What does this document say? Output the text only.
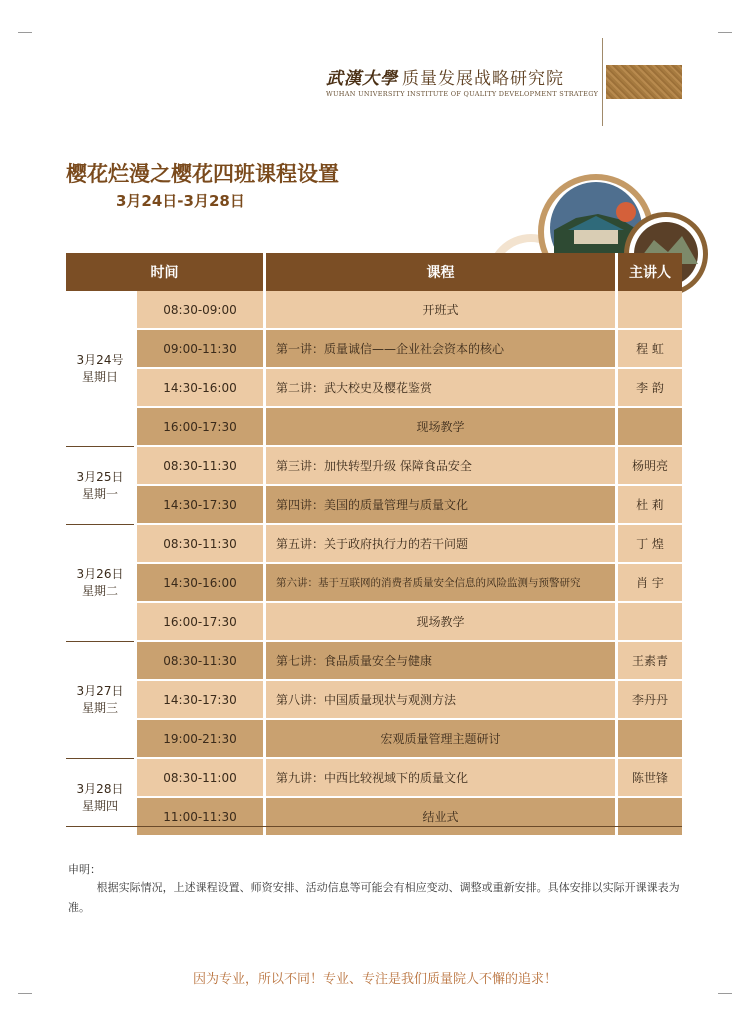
武漢大學 质量发展战略研究院
WUHAN UNIVERSITY INSTITUTE OF QUALITY DEVELOPMENT STRATEGY
樱花烂漫之樱花四班课程设置
3月24日-3月28日
时间		课程	主讲人

3月24号
星期日	08:30-09:00	开班式	
	09:00-11:30	第一讲：质量诚信——企业社会资本的核心	程 虹
	14:30-16:00	第二讲：武大校史及樱花鉴赏	李 韵
	16:00-17:30	现场教学	

3月25日
星期一	08:30-11:30	第三讲：加快转型升级 保障食品安全	杨明亮
	14:30-17:30	第四讲：美国的质量管理与质量文化	杜 莉

3月26日
星期二	08:30-11:30	第五讲：关于政府执行力的若干问题	丁 煌
	14:30-16:00	第六讲：基于互联网的消费者质量安全信息的风险监测与预警研究	肖 宇
	16:00-17:30	现场教学	

3月27日
星期三	08:30-11:30	第七讲：食品质量安全与健康	王素青
	14:30-17:30	第八讲：中国质量现状与观测方法	李丹丹
	19:00-21:30	宏观质量管理主题研讨	

3月28日
星期四	08:30-11:00	第九讲：中西比较视域下的质量文化	陈世锋
	11:00-11:30	结业式	
申明：
根据实际情况，上述课程设置、师资安排、活动信息等可能会有相应变动、调整或重新安排。具体安排以实际开课课表为准。
因为专业，所以不同！专业、专注是我们质量院人不懈的追求！
